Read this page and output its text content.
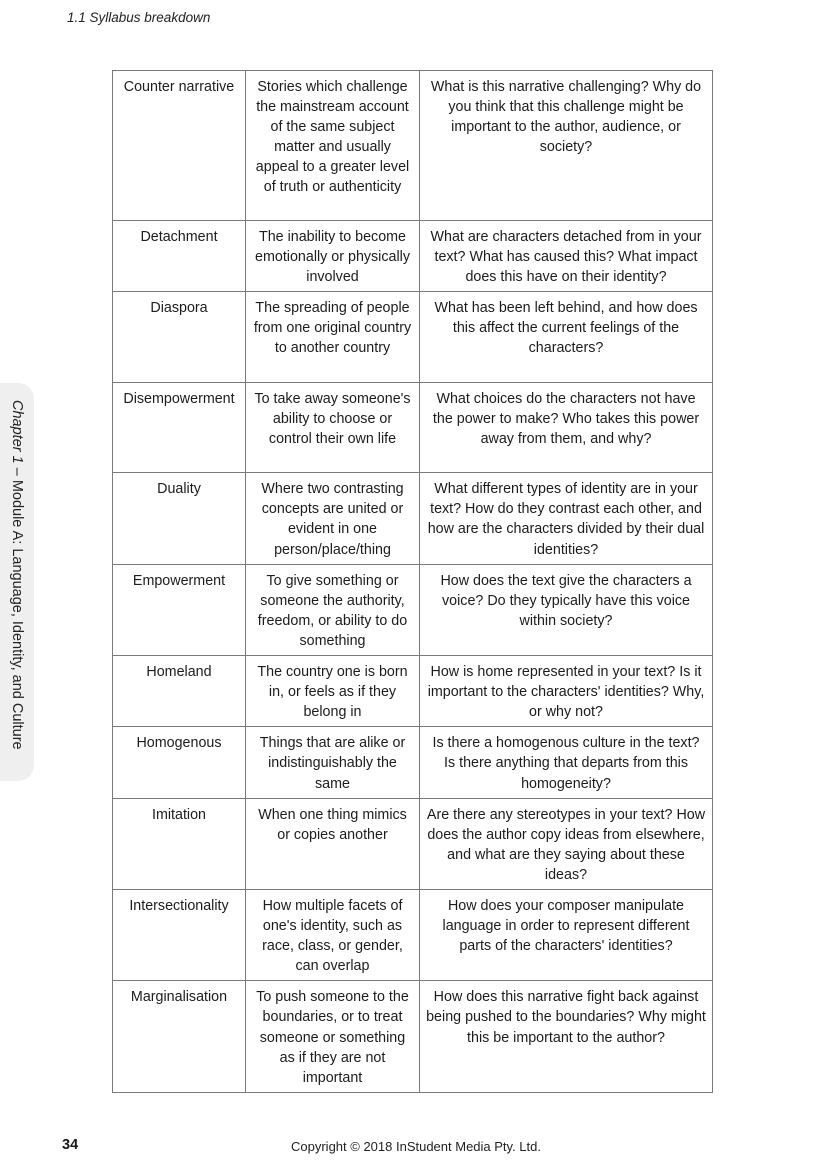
1.1 Syllabus breakdown
Chapter 1 – Module A: Language, Identity, and Culture
Counter narrative	Stories which challenge the mainstream account of the same subject matter and usually appeal to a greater level of truth or authenticity	What is this narrative challenging? Why do you think that this challenge might be important to the author, audience, or society?
Detachment	The inability to become emotionally or physically involved	What are characters detached from in your text? What has caused this? What impact does this have on their identity?
Diaspora	The spreading of people from one original country to another country	What has been left behind, and how does this affect the current feelings of the characters?
Disempowerment	To take away someone's ability to choose or control their own life	What choices do the characters not have the power to make? Who takes this power away from them, and why?
Duality	Where two contrasting concepts are united or evident in one person/place/thing	What different types of identity are in your text? How do they contrast each other, and how are the characters divided by their dual identities?
Empowerment	To give something or someone the authority, freedom, or ability to do something	How does the text give the characters a voice? Do they typically have this voice within society?
Homeland	The country one is born in, or feels as if they belong in	How is home represented in your text? Is it important to the characters' identities? Why, or why not?
Homogenous	Things that are alike or indistinguishably the same	Is there a homogenous culture in the text? Is there anything that departs from this homogeneity?
Imitation	When one thing mimics or copies another	Are there any stereotypes in your text? How does the author copy ideas from elsewhere, and what are they saying about these ideas?
Intersectionality	How multiple facets of one's identity, such as race, class, or gender, can overlap	How does your composer manipulate language in order to represent different parts of the characters' identities?
Marginalisation	To push someone to the boundaries, or to treat someone or something as if they are not important	How does this narrative fight back against being pushed to the boundaries? Why might this be important to the author?
34	Copyright © 2018 InStudent Media Pty. Ltd.
